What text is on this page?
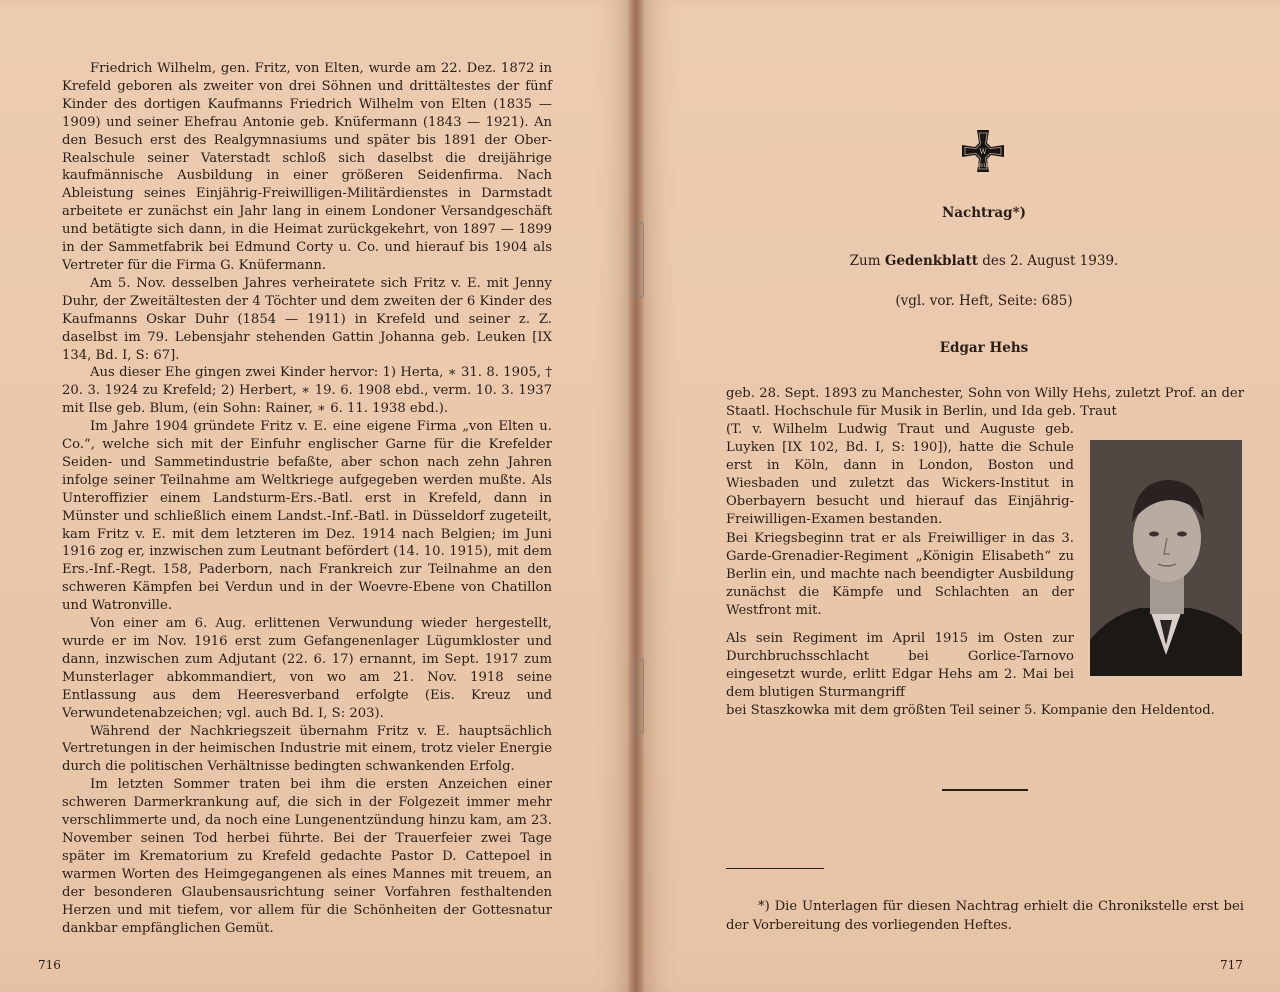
Friedrich Wilhelm, gen. Fritz, von Elten, wurde am 22. Dez. 1872 in Krefeld geboren als zweiter von drei Söhnen und drittältestes der fünf Kinder des dortigen Kaufmanns Friedrich Wilhelm von Elten (1835 — 1909) und seiner Ehefrau Antonie geb. Knüfermann (1843 — 1921). An den Besuch erst des Realgymnasiums und später bis 1891 der Ober-Realschule seiner Vaterstadt schloß sich daselbst die dreijährige kaufmännische Ausbildung in einer größeren Seidenfirma. Nach Ableistung seines Einjährig-Freiwilligen-Militärdienstes in Darmstadt arbeitete er zunächst ein Jahr lang in einem Londoner Versandgeschäft und betätigte sich dann, in die Heimat zurückgekehrt, von 1897 — 1899 in der Sammetfabrik bei Edmund Corty u. Co. und hierauf bis 1904 als Vertreter für die Firma G. Knüfermann.

Am 5. Nov. desselben Jahres verheiratete sich Fritz v. E. mit Jenny Duhr, der Zweitältesten der 4 Töchter und dem zweiten der 6 Kinder des Kaufmanns Oskar Duhr (1854 — 1911) in Krefeld und seiner z. Z. daselbst im 79. Lebensjahr stehenden Gattin Johanna geb. Leuken [IX 134, Bd. I, S: 67].

Aus dieser Ehe gingen zwei Kinder hervor: 1) Herta, ∗ 31. 8. 1905, † 20. 3. 1924 zu Krefeld; 2) Herbert, ∗ 19. 6. 1908 ebd., verm. 10. 3. 1937 mit Ilse geb. Blum, (ein Sohn: Rainer, ∗ 6. 11. 1938 ebd.).

Im Jahre 1904 gründete Fritz v. E. eine eigene Firma „von Elten u. Co.“, welche sich mit der Einfuhr englischer Garne für die Krefelder Seiden- und Sammetindustrie befaßte, aber schon nach zehn Jahren infolge seiner Teilnahme am Weltkriege aufgegeben werden mußte. Als Unteroffizier einem Landsturm-Ers.-Batl. erst in Krefeld, dann in Münster und schließlich einem Landst.-Inf.-Batl. in Düsseldorf zugeteilt, kam Fritz v. E. mit dem letzteren im Dez. 1914 nach Belgien; im Juni 1916 zog er, inzwischen zum Leutnant befördert (14. 10. 1915), mit dem Ers.-Inf.-Regt. 158, Paderborn, nach Frankreich zur Teilnahme an den schweren Kämpfen bei Verdun und in der Woevre-Ebene von Chatillon und Watronville.

Von einer am 6. Aug. erlittenen Verwundung wieder hergestellt, wurde er im Nov. 1916 erst zum Gefangenenlager Lügumkloster und dann, inzwischen zum Adjutant (22. 6. 17) ernannt, im Sept. 1917 zum Munsterlager abkommandiert, von wo am 21. Nov. 1918 seine Entlassung aus dem Heeresverband erfolgte (Eis. Kreuz und Verwundetenabzeichen; vgl. auch Bd. I, S: 203).

Während der Nachkriegszeit übernahm Fritz v. E. hauptsächlich Vertretungen in der heimischen Industrie mit einem, trotz vieler Energie durch die politischen Verhältnisse bedingten schwankenden Erfolg.

Im letzten Sommer traten bei ihm die ersten Anzeichen einer schweren Darmerkrankung auf, die sich in der Folgezeit immer mehr verschlimmerte und, da noch eine Lungenentzündung hinzu kam, am 23. November seinen Tod herbei führte. Bei der Trauerfeier zwei Tage später im Krematorium zu Krefeld gedachte Pastor D. Cattepoel in warmen Worten des Heimgegangenen als eines Mannes mit treuem, an der besonderen Glaubensausrichtung seiner Vorfahren festhaltenden Herzen und mit tiefem, vor allem für die Schönheiten der Gottesnatur dankbar empfänglichen Gemüt.

716
W
1914
Nachtrag*)
Zum Gedenkblatt des 2. August 1939.
(vgl. vor. Heft, Seite: 685)
Edgar Hehs
geb. 28. Sept. 1893 zu Manchester, Sohn von Willy Hehs, zuletzt Prof. an der Staatl. Hochschule für Musik in Berlin, und Ida geb. Traut
(T. v. Wilhelm Ludwig Traut und Auguste geb. Luyken [IX 102, Bd. I, S: 190]), hatte die Schule erst in Köln, dann in London, Boston und Wiesbaden und zuletzt das Wickers-Institut in Oberbayern besucht und hierauf das Einjährig-Freiwilligen-Examen bestanden.
Bei Kriegsbeginn trat er als Freiwilliger in das 3. Garde-Grenadier-Regiment „Königin Elisabeth“ zu Berlin ein, und machte nach beendigter Ausbildung zunächst die Kämpfe und Schlachten an der Westfront mit.
Als sein Regiment im April 1915 im Osten zur Durchbruchsschlacht bei Gorlice-Tarnovo eingesetzt wurde, erlitt Edgar Hehs am 2. Mai bei dem blutigen Sturmangriff
bei Staszkowka mit dem größten Teil seiner 5. Kompanie den Heldentod.
*) Die Unterlagen für diesen Nachtrag erhielt die Chronikstelle erst bei der Vorbereitung des vorliegenden Heftes.
717
